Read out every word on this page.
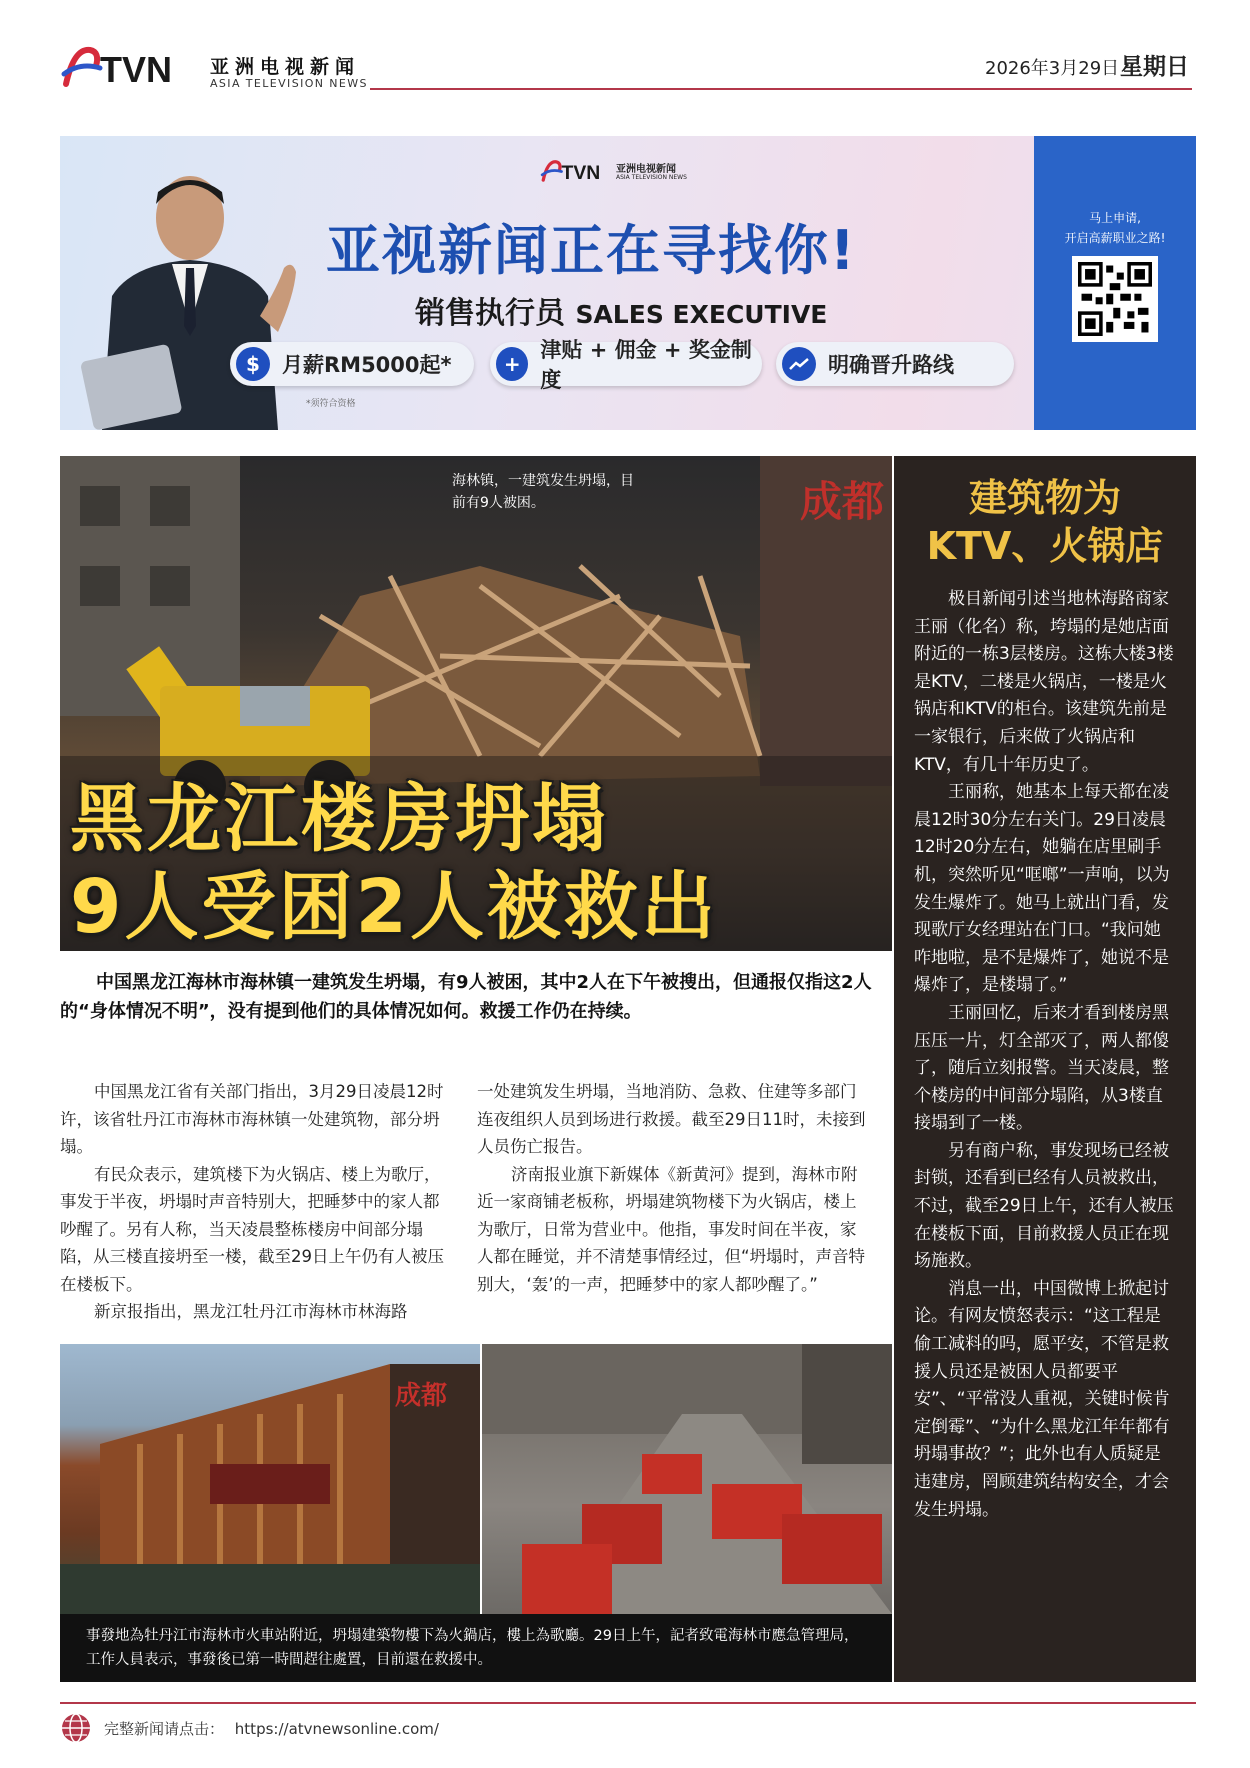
TVN 亚洲电视新闻
ASIA TELEVISION NEWS
2026年3月29日 星期日
TVN 亚洲电视新闻
ASIA TELEVISION NEWS
亚视新闻正在寻找你!
销售执行员 SALES EXECUTIVE
$	月薪RM5000起*	+
津贴 + 佣金 + 奖金制度
明确晋升路线
*须符合资格
马上申请,
开启高薪职业之路!
成都
海林镇，一建筑发生坍塌，目
前有9人被困。
黑龙江楼房坍塌
9人受困2人被救出
中国黑龙江海林市海林镇一建筑发生坍塌，有9人被困，其中2人在下午被搜出，但通报仅指这2人的“身体情况不明”，没有提到他们的具体情况如何。救援工作仍在持续。

中国黑龙江省有关部门指出，3月29日凌晨12时许，该省牡丹江市海林市海林镇一处建筑物，部分坍塌。

有民众表示，建筑楼下为火锅店、楼上为歌厅，事发于半夜，坍塌时声音特别大，把睡梦中的家人都吵醒了。另有人称，当天凌晨整栋楼房中间部分塌陷，从三楼直接坍至一楼，截至29日上午仍有人被压在楼板下。

新京报指出，黑龙江牡丹江市海林市林海路

一处建筑发生坍塌，当地消防、急救、住建等多部门连夜组织人员到场进行救援。截至29日11时，未接到人员伤亡报告。

济南报业旗下新媒体《新黄河》提到，海林市附近一家商铺老板称，坍塌建筑物楼下为火锅店，楼上为歌厅，日常为营业中。他指，事发时间在半夜，家人都在睡觉，并不清楚事情经过，但“坍塌时，声音特别大，‘轰’的一声，把睡梦中的家人都吵醒了。”

成都
事發地為牡丹江市海林市火車站附近，坍塌建築物樓下為火鍋店，樓上為歌廳。29日上午，記者致電海林市應急管理局，工作人員表示，事發後已第一時間趕往處置，目前還在救援中。
建筑物为
KTV、火锅店

极目新闻引述当地林海路商家王丽（化名）称，垮塌的是她店面附近的一栋3层楼房。这栋大楼3楼是KTV，二楼是火锅店，一楼是火锅店和KTV的柜台。该建筑先前是一家银行，后来做了火锅店和KTV，有几十年历史了。

王丽称，她基本上每天都在凌晨12时30分左右关门。29日凌晨12时20分左右，她躺在店里刷手机，突然听见“哐啷”一声响，以为发生爆炸了。她马上就出门看，发现歌厅女经理站在门口。“我问她咋地啦，是不是爆炸了，她说不是爆炸了，是楼塌了。”

王丽回忆，后来才看到楼房黑压压一片，灯全部灭了，两人都傻了，随后立刻报警。当天凌晨，整个楼房的中间部分塌陷，从3楼直接塌到了一楼。

另有商户称，事发现场已经被封锁，还看到已经有人员被救出，不过，截至29日上午，还有人被压在楼板下面，目前救援人员正在现场施救。

消息一出，中国微博上掀起讨论。有网友愤怒表示：“这工程是偷工减料的吗，愿平安，不管是救援人员还是被困人员都要平安”、“平常没人重视，关键时候肯定倒霉”、“为什么黑龙江年年都有坍塌事故？”；此外也有人质疑是违建房，罔顾建筑结构安全，才会发生坍塌。

完整新闻请点击： https://atvnewsonline.com/
